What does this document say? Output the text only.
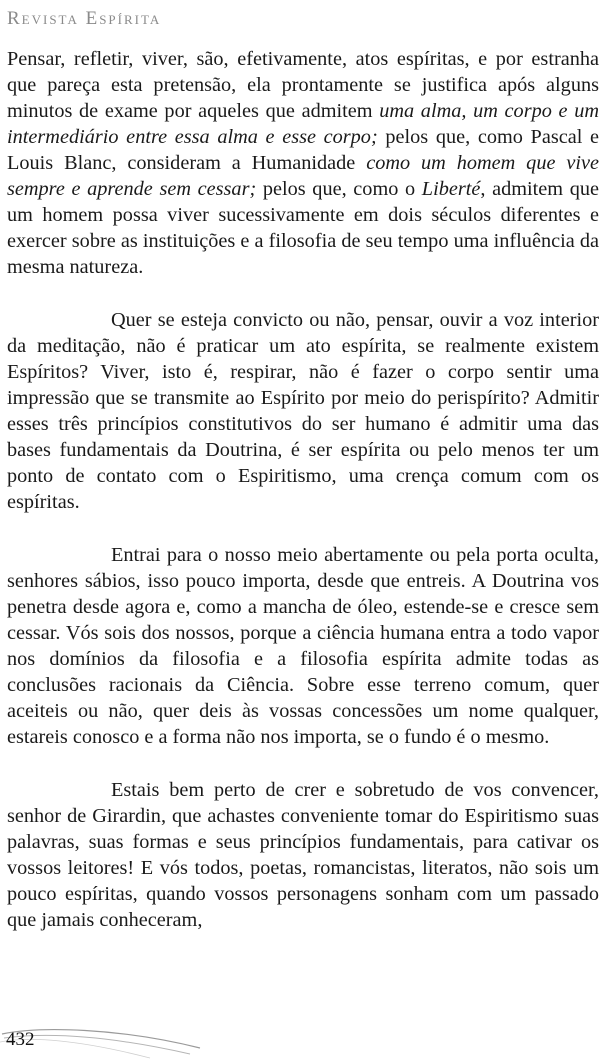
Revista Espírita

Pensar, refletir, viver, são, efetivamente, atos espíritas, e por estranha que pareça esta pretensão, ela prontamente se justifica após alguns minutos de exame por aqueles que admitem uma alma, um corpo e um intermediário entre essa alma e esse corpo; pelos que, como Pascal e Louis Blanc, consideram a Humanidade como um homem que vive sempre e aprende sem cessar; pelos que, como o Liberté, admitem que um homem possa viver sucessivamente em dois séculos diferentes e exercer sobre as instituições e a filosofia de seu tempo uma influência da mesma natureza.

Quer se esteja convicto ou não, pensar, ouvir a voz interior da meditação, não é praticar um ato espírita, se realmente existem Espíritos? Viver, isto é, respirar, não é fazer o corpo sentir uma impressão que se transmite ao Espírito por meio do perispírito? Admitir esses três princípios constitutivos do ser humano é admitir uma das bases fundamentais da Doutrina, é ser espírita ou pelo menos ter um ponto de contato com o Espiritismo, uma crença comum com os espíritas.

Entrai para o nosso meio abertamente ou pela porta oculta, senhores sábios, isso pouco importa, desde que entreis. A Doutrina vos penetra desde agora e, como a mancha de óleo, estende-se e cresce sem cessar. Vós sois dos nossos, porque a ciência humana entra a todo vapor nos domínios da filosofia e a filosofia espírita admite todas as conclusões racionais da Ciência. Sobre esse terreno comum, quer aceiteis ou não, quer deis às vossas concessões um nome qualquer, estareis conosco e a forma não nos importa, se o fundo é o mesmo.

Estais bem perto de crer e sobretudo de vos convencer, senhor de Girardin, que achastes conveniente tomar do Espiritismo suas palavras, suas formas e seus princípios fundamentais, para cativar os vossos leitores! E vós todos, poetas, romancistas, literatos, não sois um pouco espíritas, quando vossos personagens sonham com um passado que jamais conheceram,

432
